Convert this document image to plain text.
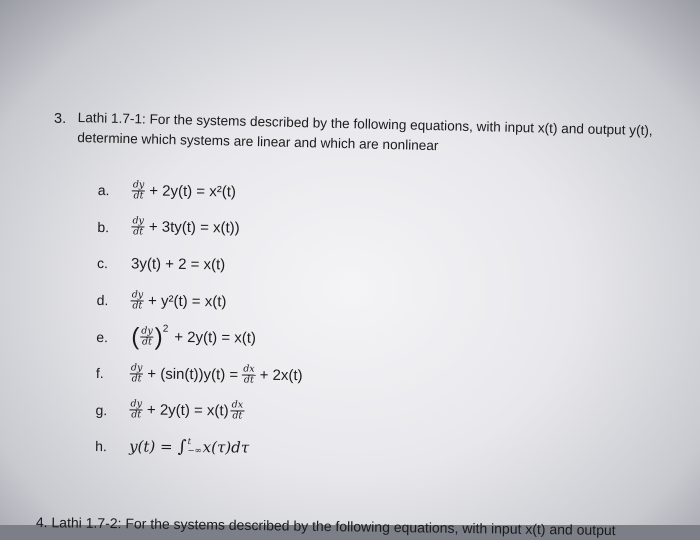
3. Lathi 1.7-1: For the systems described by the following equations, with input x(t) and output y(t), determine which systems are linear and which are nonlinear
a.	$\frac{dy}{dt} + 2y(t) = x^2(t)$
b.	$\frac{dy}{dt} + 3ty(t) = x(t)$)
c.	3y(t) + 2 = x(t)
d.	$\frac{dy}{dt} + y^2(t) = x(t)$
e. ( $\frac{dy}{dt}$ ) 2 + 2y(t) = x(t)
f.	$\frac{dy}{dt} + (\sin(t))y(t) = \frac{dx}{dt} + 2x(t)$
g.	$\frac{dy}{dt} + 2y(t) = x(t) \frac{dx}{dt}$
h.	y(t) = ∫ t
−∞ x(τ)dτ
4. Lathi 1.7-2: For the systems described by the following equations, with input x(t) and output
